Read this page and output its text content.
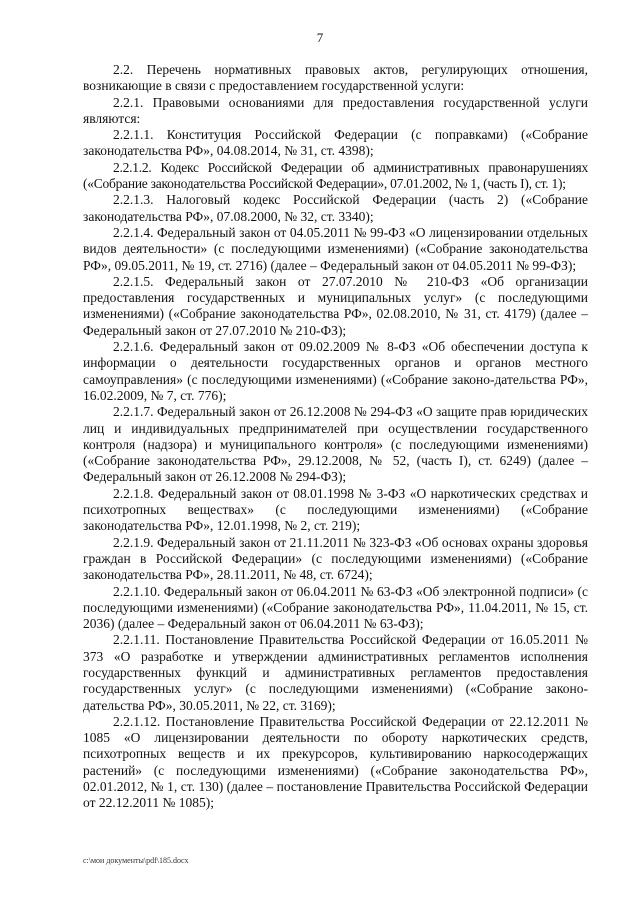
7

2.2. Перечень нормативных правовых актов, регулирующих отношения, возникающие в связи с предоставлением государственной услуги:

2.2.1. Правовыми основаниями для предоставления государственной услуги являются:

2.2.1.1. Конституция Российской Федерации (с поправками) («Собрание законодательства РФ», 04.08.2014, № 31, ст. 4398);

2.2.1.2. Кодекс Российской Федерации об административных правонарушениях («Собрание законодательства Российской Федерации», 07.01.2002, № 1, (часть I), ст. 1);

2.2.1.3. Налоговый кодекс Российской Федерации (часть 2) («Собрание законодательства РФ», 07.08.2000, № 32, ст. 3340);

2.2.1.4. Федеральный закон от 04.05.2011 № 99-ФЗ «О лицензировании отдельных видов деятельности» (с последующими изменениями) («Собрание законодательства РФ», 09.05.2011, № 19, ст. 2716) (далее – Федеральный закон от 04.05.2011 № 99-ФЗ);

2.2.1.5. Федеральный закон от 27.07.2010 № 210-ФЗ «Об организации предоставления государственных и муниципальных услуг» (с последующими изменениями) («Собрание законодательства РФ», 02.08.2010, № 31, ст. 4179) (далее – Федеральный закон от 27.07.2010 № 210-ФЗ);

2.2.1.6. Федеральный закон от 09.02.2009 № 8-ФЗ «Об обеспечении доступа к информации о деятельности государственных органов и органов местного самоуправления» (с последующими изменениями) («Собрание законо-дательства РФ», 16.02.2009, № 7, ст. 776);

2.2.1.7. Федеральный закон от 26.12.2008 № 294-ФЗ «О защите прав юридических лиц и индивидуальных предпринимателей при осуществлении государственного контроля (надзора) и муниципального контроля» (с последующими изменениями) («Собрание законодательства РФ», 29.12.2008, № 52, (часть I), ст. 6249) (далее – Федеральный закон от 26.12.2008 № 294-ФЗ);

2.2.1.8. Федеральный закон от 08.01.1998 № 3-ФЗ «О наркотических средствах и психотропных веществах» (с последующими изменениями) («Собрание законодательства РФ», 12.01.1998, № 2, ст. 219);

2.2.1.9. Федеральный закон от 21.11.2011 № 323-ФЗ «Об основах охраны здоровья граждан в Российской Федерации» (с последующими изменениями) («Собрание законодательства РФ», 28.11.2011, № 48, ст. 6724);

2.2.1.10. Федеральный закон от 06.04.2011 № 63-ФЗ «Об электронной подписи» (с последующими изменениями) («Собрание законодательства РФ», 11.04.2011, № 15, ст. 2036) (далее – Федеральный закон от 06.04.2011 № 63-ФЗ);

2.2.1.11. Постановление Правительства Российской Федерации от 16.05.2011 № 373 «О разработке и утверждении административных регламентов исполнения государственных функций и административных регламентов предоставления государственных услуг» (с последующими изменениями) («Собрание законо-дательства РФ», 30.05.2011, № 22, ст. 3169);

2.2.1.12. Постановление Правительства Российской Федерации от 22.12.2011 № 1085 «О лицензировании деятельности по обороту наркотических средств, психотропных веществ и их прекурсоров, культивированию наркосодержащих растений» (с последующими изменениями) («Собрание законодательства РФ», 02.01.2012, № 1, ст. 130) (далее – постановление Правительства Российской Федерации от 22.12.2011 № 1085);

c:\мои документы\pdf\185.docx
